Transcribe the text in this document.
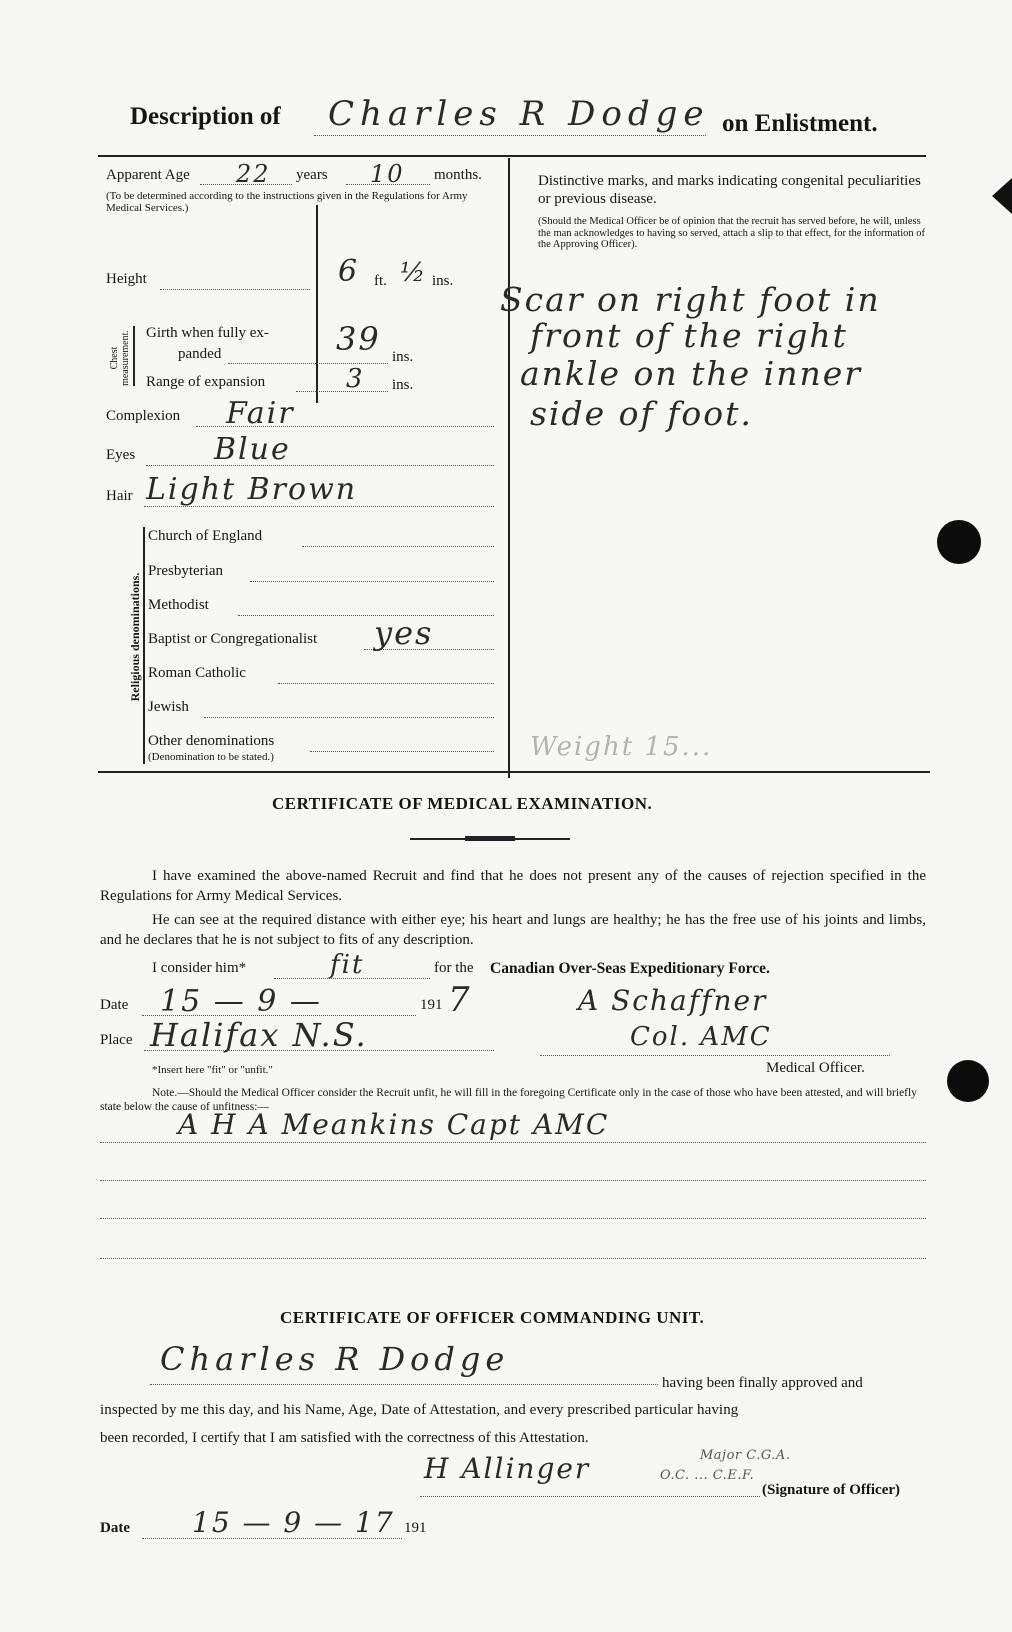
Description of Charles R Dodge on Enlistment.
Apparent Age 22 years 10 months.
(To be determined according to the instructions given in the Regulations for Army Medical Services.)
Height	6 ft. ½ ins.
Chest measurement. Girth when fully ex-
panded	39 ins.
Range of expansion	3 ins.
Complexion Fair
Eyes	Blue
Hair Light Brown
Religious denominations.
Church of England
Presbyterian
Methodist
Baptist or Congregationalist yes
Roman Catholic
Jewish
Other denominations
(Denomination to be stated.)
Distinctive marks, and marks indicating congenital peculiarities or previous disease.
(Should the Medical Officer be of opinion that the recruit has served before, he will, unless the man acknowledges to having so served, attach a slip to that effect, for the information of the Approving Officer).
Scar on right foot in
front of the right
ankle on the inner
side of foot.
Weight 15...
CERTIFICATE OF MEDICAL EXAMINATION.
I have examined the above-named Recruit and find that he does not present any of the causes of rejection specified in the Regulations for Army Medical Services.
He can see at the required distance with either eye; his heart and lungs are healthy; he has the free use of his joints and limbs, and he declares that he is not subject to fits of any description.
I consider him*	fit	for the Canadian Over-Seas Expeditionary Force.
Date 15 — 9 —	191 7
Place Halifax N.S.
A Schaffner
Col. AMC
Medical Officer.
*Insert here "fit" or "unfit."
Note.—Should the Medical Officer consider the Recruit unfit, he will fill in the foregoing Certificate only in the case of those who have been attested, and will briefly state below the cause of unfitness:—
A H A Meankins Capt AMC
CERTIFICATE OF OFFICER COMMANDING UNIT.
Charles R Dodge
having been finally approved and
inspected by me this day, and his Name, Age, Date of Attestation, and every prescribed particular having
been recorded, I certify that I am satisfied with the correctness of this Attestation.
H Allinger	Major C.G.A.
O.C. ... C.E.F.
(Signature of Officer)
Date 15 — 9 — 17 191
